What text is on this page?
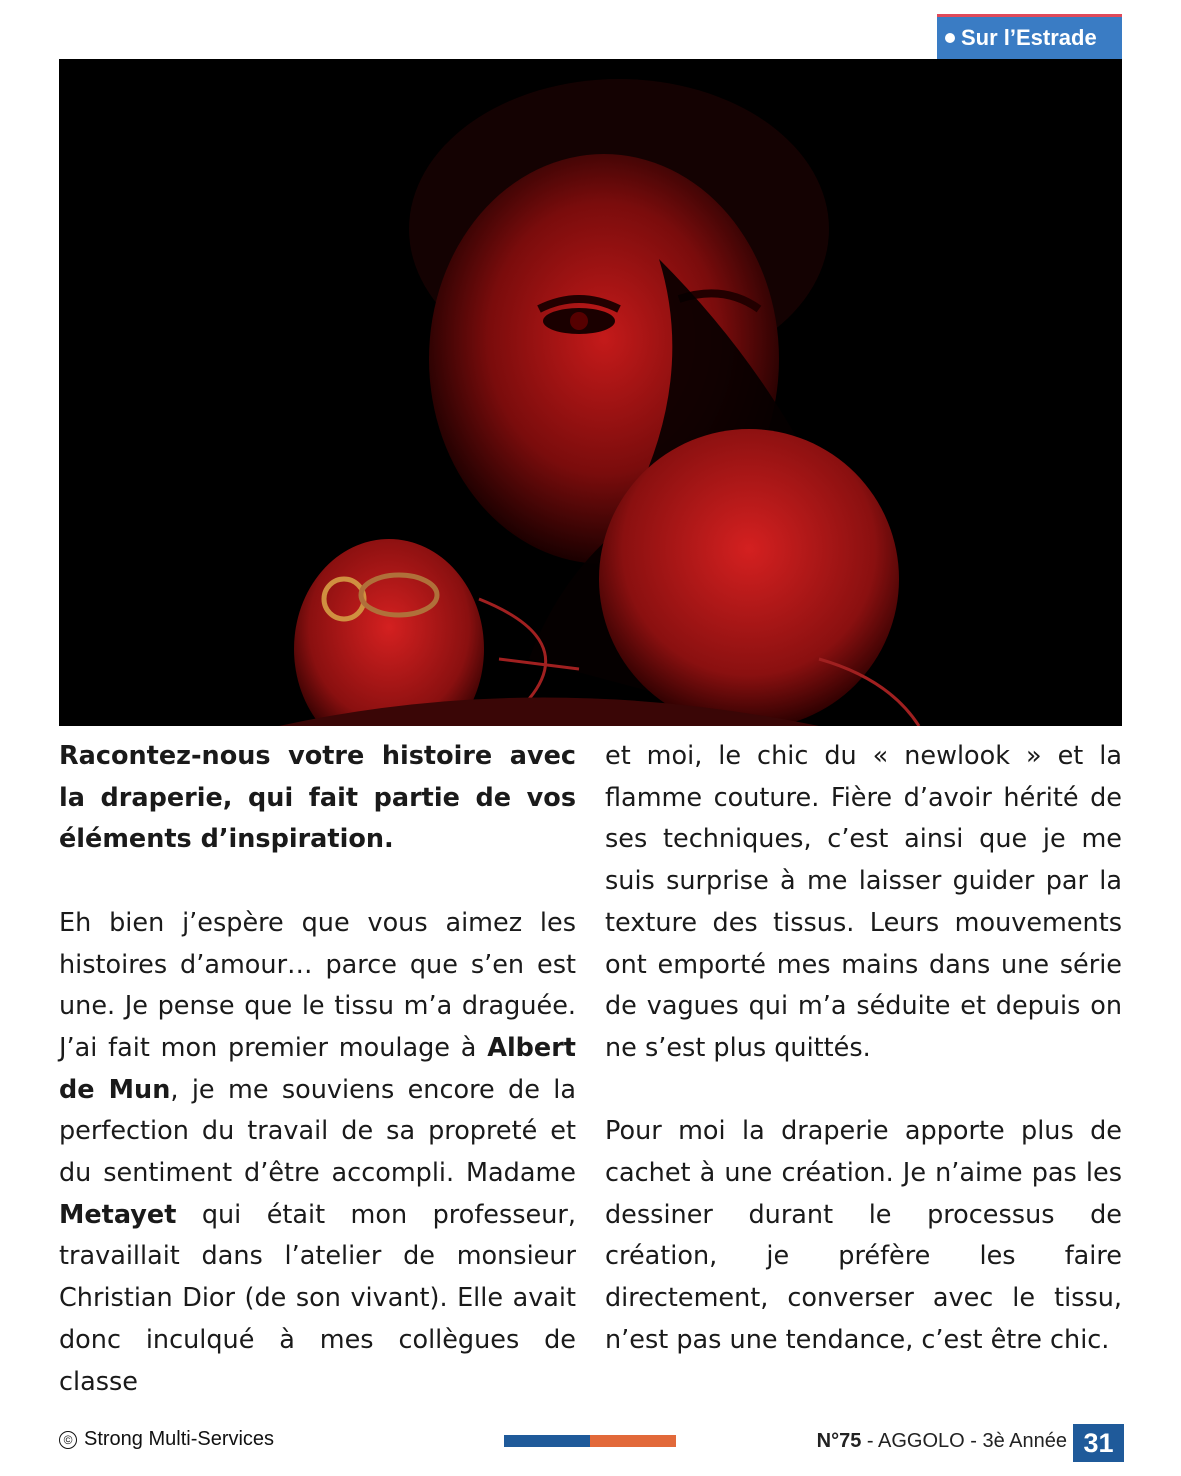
Sur l’Estrade

Racontez-nous votre histoire avec la draperie, qui fait partie de vos éléments d’inspiration.

Eh bien j’espère que vous aimez les histoires d’amour… parce que s’en est une. Je pense que le tissu m’a draguée. J’ai fait mon premier moulage à Albert de Mun, je me souviens encore de la perfection du travail de sa propreté et du sentiment d’être accompli. Madame Metayet qui était mon professeur, travaillait dans l’atelier de monsieur Christian Dior (de son vivant). Elle avait donc inculqué à mes collègues de classe

et moi, le chic du « newlook » et la flamme couture. Fière d’avoir hérité de ses techniques, c’est ainsi que je me suis surprise à me laisser guider par la texture des tissus. Leurs mouvements ont emporté mes mains dans une série de vagues qui m’a séduite et depuis on ne s’est plus quittés.

Pour moi la draperie apporte plus de cachet à une création. Je n’aime pas les dessiner durant le processus de création, je préfère les faire directement, converser avec le tissu, n’est pas une tendance, c’est être chic.

© Strong Multi-Services	N°75 - AGGOLO - 3è Année 31
